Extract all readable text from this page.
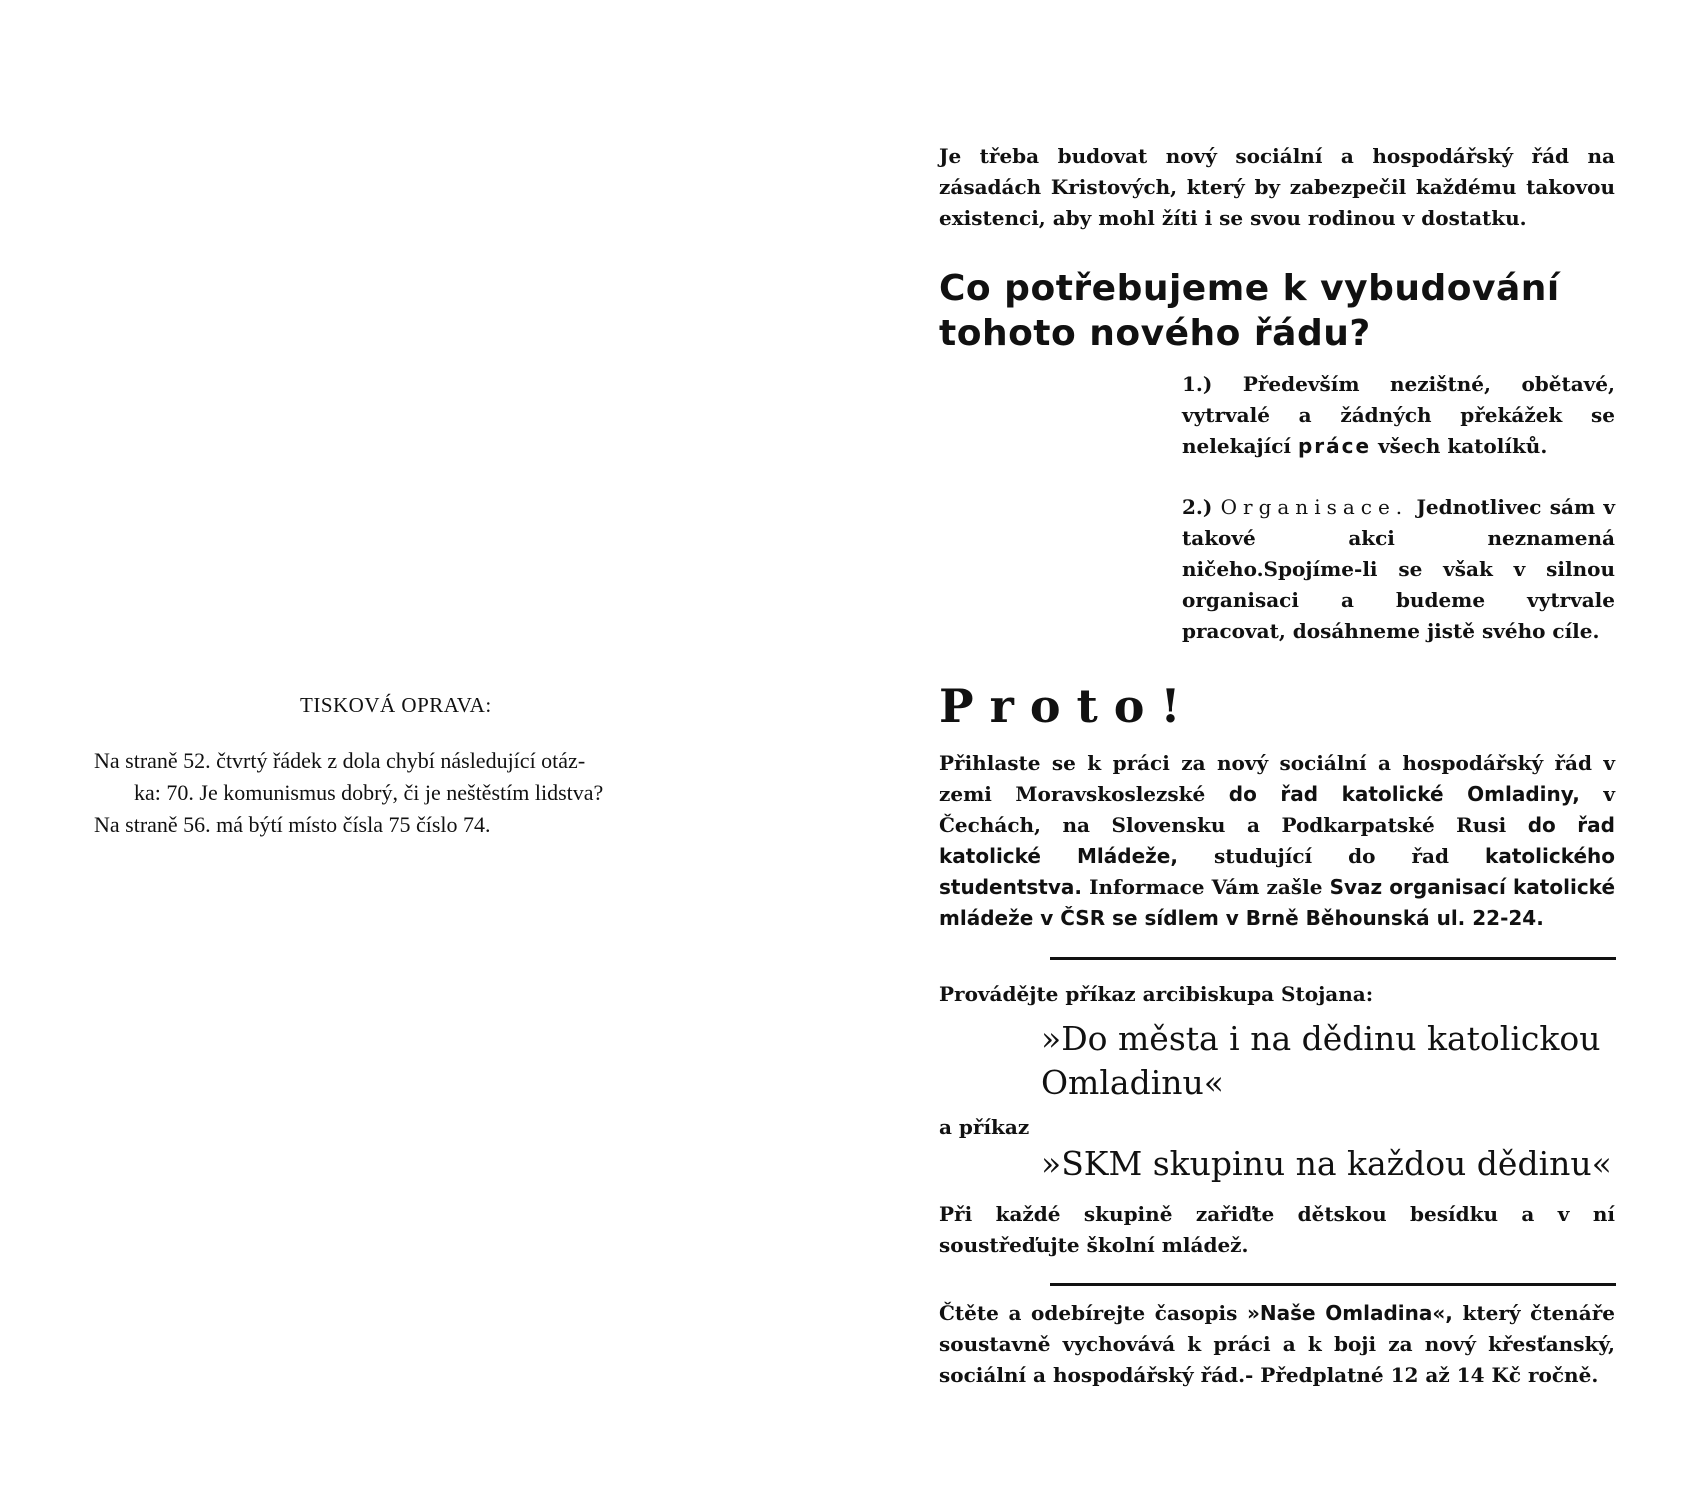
TISKOVÁ OPRAVA:

Na straně 52. čtvrtý řádek z dola chybí následující otáz-

ka: 70. Je komunismus dobrý, či je neštěstím lidstva?

Na straně 56. má býtí místo čísla 75 číslo 74.

Je třeba budovat nový sociální a hospodářský řád na zásadách Kristových, který by zabezpečil každému takovou existenci, aby mohl žíti i se svou rodinou v dostatku.

Co potřebujeme k vybudování tohoto nového řádu?

1.) Především nezištné, obětavé, vytrvalé a žádných překážek se nelekající práce všech katolíků.

2.) Organisace. Jednotlivec sám v takové akci neznamená ničeho.Spojíme-li se však v silnou organisaci a budeme vytrvale pracovat, dosáhneme jistě svého cíle.

Proto!

Přihlaste se k práci za nový sociální a hospodářský řád v zemi Moravskoslezské do řad katolické Omladiny, v Čechách, na Slovensku a Podkarpatské Rusi do řad katolické Mládeže, studující do řad katolického studentstva. Informace Vám zašle Svaz organisací katolické mládeže v ČSR se sídlem v Brně Běhounská ul. 22-24.

Provádějte příkaz arcibiskupa Stojana:

»Do města i na dědinu katolickou Omladinu«

a příkaz

»SKM skupinu na každou dědinu«

Při každé skupině zařiďte dětskou besídku a v ní soustřeďujte školní mládež.

Čtěte a odebírejte časopis »Naše Omladina«, který čtenáře soustavně vychovává k práci a k boji za nový křesťanský, sociální a hospodářský řád.- Předplatné 12 až 14 Kč ročně.
